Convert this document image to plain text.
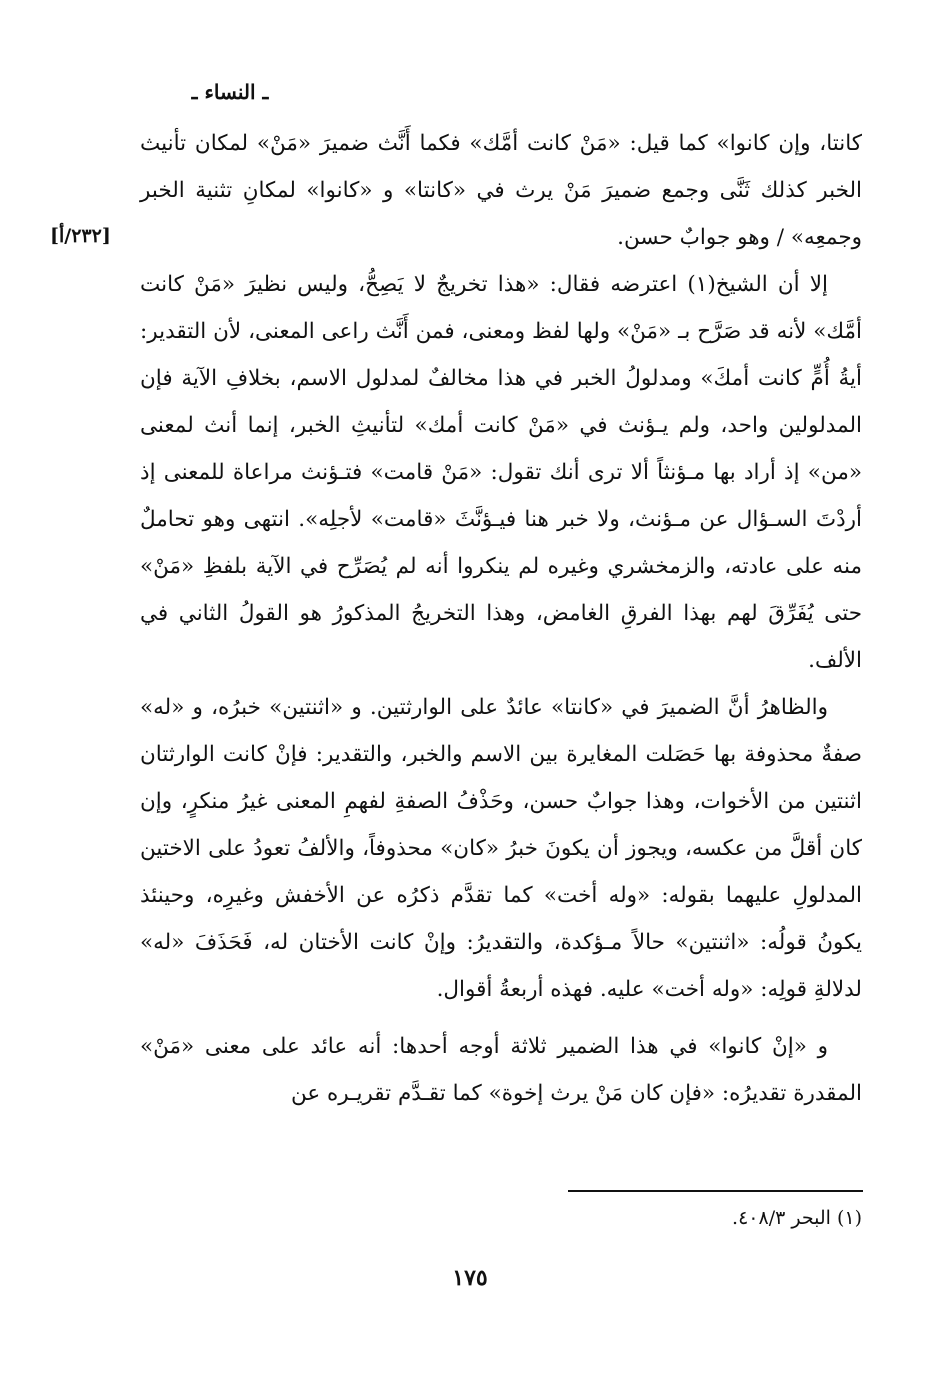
ـ النساء ـ
[٢٣٢/أ]

كانتا، وإن كانوا» كما قيل: «مَنْ كانت أمَّك» فكما أَنَّث ضميرَ «مَنْ» لمكان تأنيث الخبر كذلك ثَنَّى وجمع ضميرَ مَنْ يرث في «كانتا» و «كانوا» لمكانِ تثنية الخبر وجمعِه» / وهو جوابٌ حسن.

إلا أن الشيخ(١) اعترضه فقال: «هذا تخريجٌ لا يَصِحُّ، وليس نظيرَ «مَنْ كانت أمَّك» لأنه قد صَرَّح بـ «مَنْ» ولها لفظ ومعنى، فمن أَنَّث راعى المعنى، لأن التقدير: أيةُ أُمٍّ كانت أمكَ» ومدلولُ الخبر في هذا مخالفٌ لمدلول الاسم، بخلافِ الآية فإن المدلولين واحد، ولم يـؤنث في «مَنْ كانت أمك» لتأنيثِ الخبر، إنما أنث لمعنى «من» إذ أراد بها مـؤنثاً ألا ترى أنك تقول: «مَنْ قامت» فتـؤنث مراعاة للمعنى إذ أردْتَ السـؤال عن مـؤنث، ولا خبر هنا فيـؤنَّثَ «قامت» لأجلِه». انتهى وهو تحاملٌ منه على عادته، والزمخشري وغيره لم ينكروا أنه لم يُصَرِّح في الآية بلفظِ «مَنْ» حتى يُفَرِّقَ لهم بهذا الفرقِ الغامض، وهذا التخريجُ المذكورُ هو القولُ الثاني في الألف.

والظاهرُ أنَّ الضميرَ في «كانتا» عائدٌ على الوارثتين. و «اثنتين» خبرُه، و «له» صفةٌ محذوفة بها حَصَلت المغايرة بين الاسم والخبر، والتقدير: فإنْ كانت الوارثتان اثنتين من الأخوات، وهذا جوابٌ حسن، وحَذْفُ الصفةِ لفهمِ المعنى غيرُ منكرٍ، وإن كان أقلَّ من عكسه، ويجوز أن يكونَ خبرُ «كان» محذوفاً، والألفُ تعودُ على الاختين المدلولِ عليهما بقوله: «وله أخت» كما تقدَّم ذكرُه عن الأخفش وغيرِه، وحينئذ يكونُ قولُه: «اثنتين» حالاً مـؤكدة، والتقديرُ: وإنْ كانت الأختان له، فَحَذَفَ «له» لدلالةِ قولِه: «وله أخت» عليه. فهذه أربعةُ أقوال.

و «إنْ كانوا» في هذا الضمير ثلاثة أوجه أحدها: أنه عائد على معنى «مَنْ» المقدرة تقديرُه: «فإن كان مَنْ يرث إخوة» كما تقـدَّم تقريـره عن

(١) البحر ٤٠٨/٣.
١٧٥
